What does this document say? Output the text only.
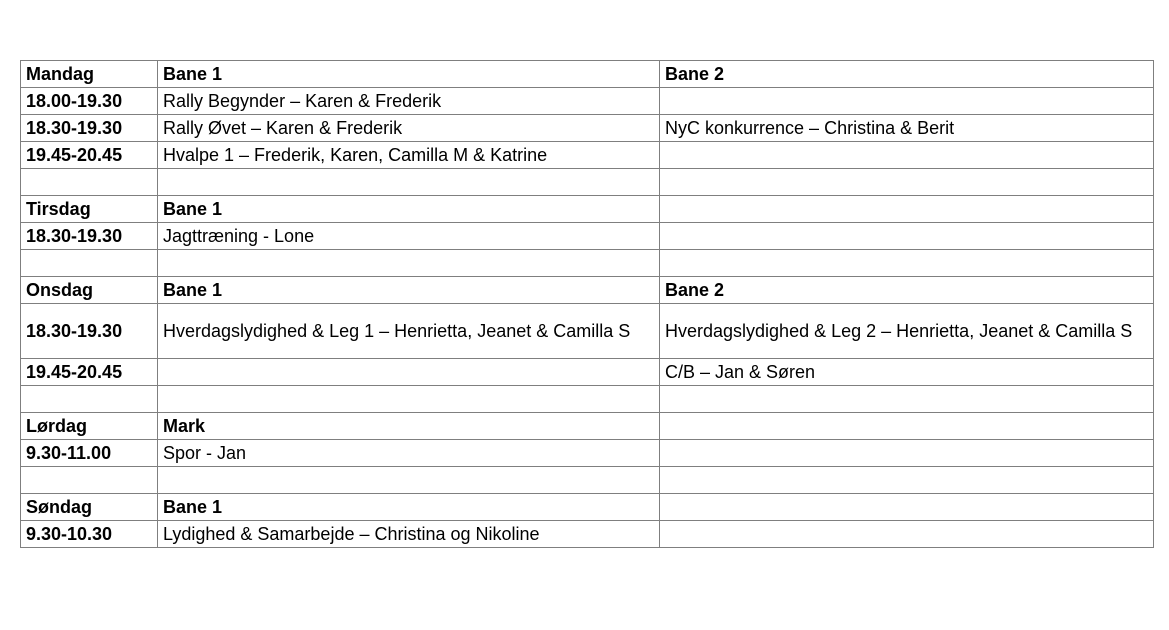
Mandag	Bane 1	Bane 2
18.00-19.30	Rally Begynder – Karen & Frederik	
18.30-19.30	Rally Øvet – Karen & Frederik	NyC konkurrence – Christina & Berit
19.45-20.45	Hvalpe 1 – Frederik, Karen, Camilla M & Katrine	

Tirsdag	Bane 1	
18.30-19.30	Jagttræning - Lone	

Onsdag	Bane 1	Bane 2
18.30-19.30	Hverdagslydighed & Leg 1 – Henrietta, Jeanet & Camilla S	Hverdagslydighed & Leg 2 – Henrietta, Jeanet & Camilla S
19.45-20.45		C/B – Jan & Søren

Lørdag	Mark	
9.30-11.00	Spor - Jan	

Søndag	Bane 1	
9.30-10.30	Lydighed & Samarbejde – Christina og Nikoline	
